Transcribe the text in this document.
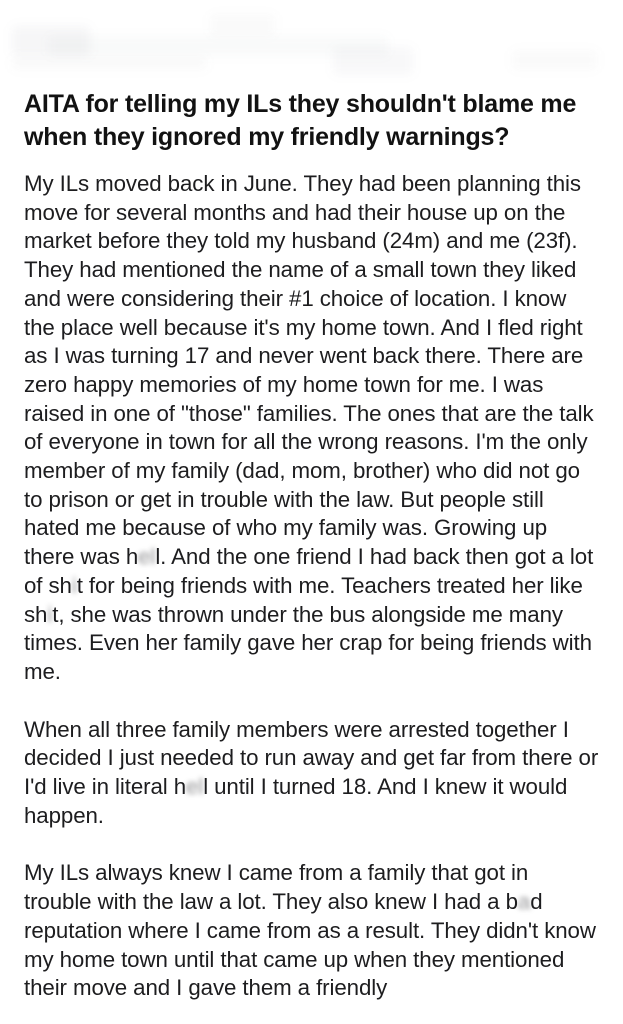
AITA for telling my ILs they shouldn't blame me when they ignored my friendly warnings?

My ILs moved back in June. They had been planning this move for several months and had their house up on the market before they told my husband (24m) and me (23f). They had mentioned the name of a small town they liked and were considering their #1 choice of location. I know the place well because it's my home town. And I fled right as I was turning 17 and never went back there. There are zero happy memories of my home town for me. I was raised in one of "those" families. The ones that are the talk of everyone in town for all the wrong reasons. I'm the only member of my family (dad, mom, brother) who did not go to prison or get in trouble with the law. But people still hated me because of who my family was. Growing up there was hell. And the one friend I had back then got a lot of shit for being friends with me. Teachers treated her like shit, she was thrown under the bus alongside me many times. Even her family gave her crap for being friends with me.

When all three family members were arrested together I decided I just needed to run away and get far from there or I'd live in literal hell until I turned 18. And I knew it would happen.

My ILs always knew I came from a family that got in trouble with the law a lot. They also knew I had a bad reputation where I came from as a result. They didn't know my home town until that came up when they mentioned their move and I gave them a friendly
